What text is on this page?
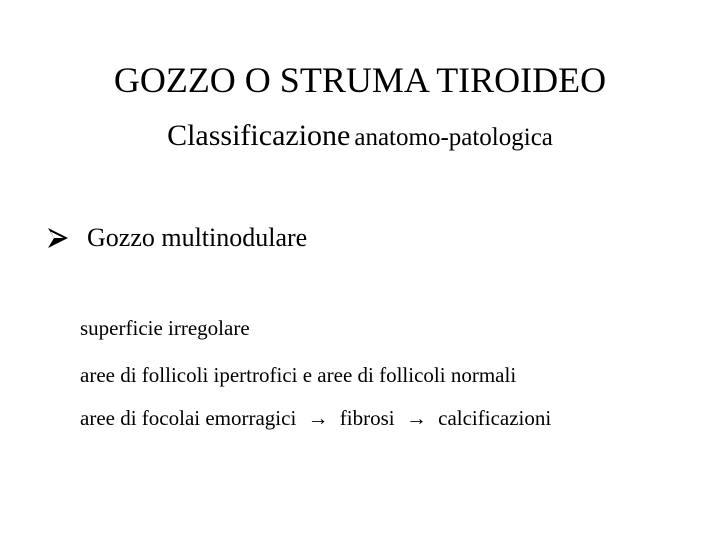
GOZZO O STRUMA TIROIDEO
Classificazione anatomo-patologica
Gozzo multinodulare
superficie irregolare
aree di follicoli ipertrofici e aree di follicoli normali
aree di focolai emorragici → fibrosi → calcificazioni
